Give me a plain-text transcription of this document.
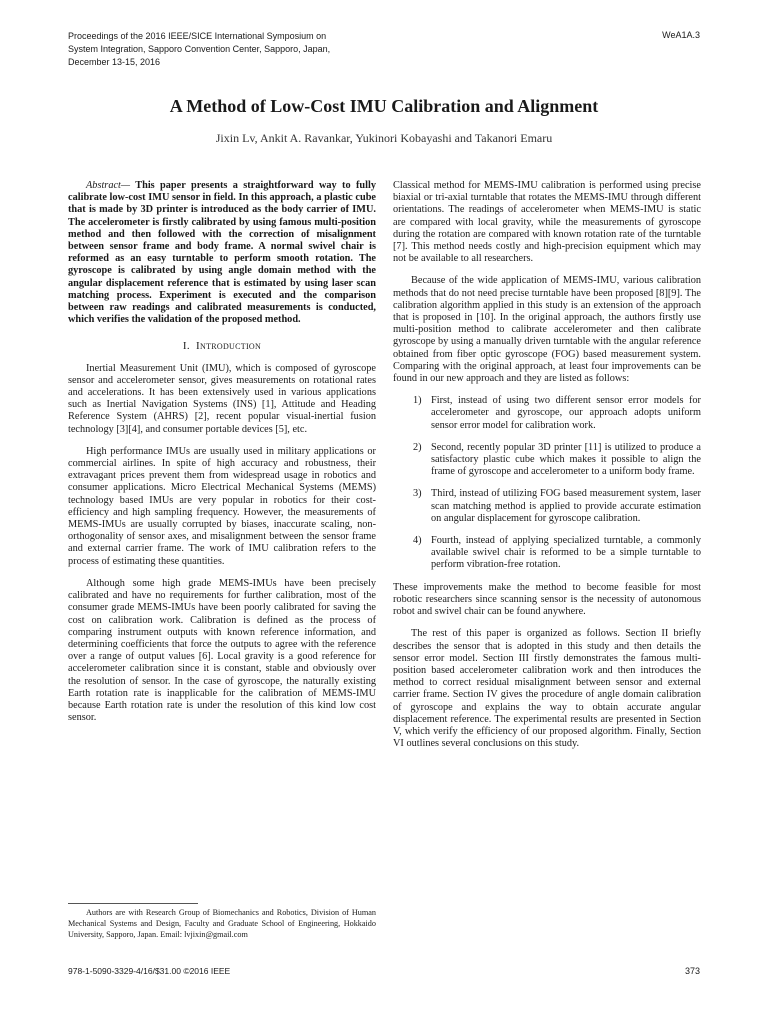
Proceedings of the 2016 IEEE/SICE International Symposium on
System Integration, Sapporo Convention Center, Sapporo, Japan,
December 13-15, 2016
WeA1A.3
A Method of Low-Cost IMU Calibration and Alignment
Jixin Lv, Ankit A. Ravankar, Yukinori Kobayashi and Takanori Emaru

Abstract— This paper presents a straightforward way to fully calibrate low-cost IMU sensor in field. In this approach, a plastic cube that is made by 3D printer is introduced as the body carrier of IMU. The accelerometer is firstly calibrated by using famous multi-position method and then followed with the correction of misalignment between sensor frame and body frame. A normal swivel chair is reformed as an easy turntable to perform smooth rotation. The gyroscope is calibrated by using angle domain method with the angular displacement reference that is estimated by using laser scan matching process. Experiment is executed and the comparison between raw readings and calibrated measurements is conducted, which verifies the validation of the proposed method.

I. Introduction

Inertial Measurement Unit (IMU), which is composed of gyroscope sensor and accelerometer sensor, gives measurements on rotational rates and accelerations. It has been extensively used in various applications such as Inertial Navigation Systems (INS) [1], Attitude and Heading Reference System (AHRS) [2], recent popular visual-inertial fusion technology [3][4], and consumer portable devices [5], etc.

High performance IMUs are usually used in military applications or commercial airlines. In spite of high accuracy and robustness, their extravagant prices prevent them from widespread usage in robotics and consumer applications. Micro Electrical Mechanical Systems (MEMS) technology based IMUs are very popular in robotics for their cost-efficiency and high sampling frequency. However, the measurements of MEMS-IMUs are usually corrupted by biases, inaccurate scaling, non-orthogonality of sensor axes, and misalignment between the sensor frame and external carrier frame. The work of IMU calibration refers to the process of estimating these quantities.

Although some high grade MEMS-IMUs have been precisely calibrated and have no requirements for further calibration, most of the consumer grade MEMS-IMUs have been poorly calibrated for saving the cost on calibration work. Calibration is defined as the process of comparing instrument outputs with known reference information, and determining coefficients that force the outputs to agree with the reference over a range of output values [6]. Local gravity is a good reference for accelerometer calibration since it is constant, stable and obviously over the resolution of sensor. In the case of gyroscope, the naturally existing Earth rotation rate is inapplicable for the calibration of MEMS-IMU because Earth rotation rate is under the resolution of this kind low cost sensor.

Classical method for MEMS-IMU calibration is performed using precise biaxial or tri-axial turntable that rotates the MEMS-IMU through different orientations. The readings of accelerometer when MEMS-IMU is static are compared with local gravity, while the measurements of gyroscope during the rotation are compared with known rotation rate of the turntable [7]. This method needs costly and high-precision equipment which may not be available to all researchers.

Because of the wide application of MEMS-IMU, various calibration methods that do not need precise turntable have been proposed [8][9]. The calibration algorithm applied in this study is an extension of the approach that is proposed in [10]. In the original approach, the authors firstly use multi-position method to calibrate accelerometer and then calibrate gyroscope by using a manually driven turntable with the angular reference obtained from fiber optic gyroscope (FOG) based measurement system. Comparing with the original approach, at least four improvements can be found in our new approach and they are listed as follows:

1) First, instead of using two different sensor error models for accelerometer and gyroscope, our approach adopts uniform sensor error model for calibration work.
2) Second, recently popular 3D printer [11] is utilized to produce a satisfactory plastic cube which makes it possible to align the frame of gyroscope and accelerometer to a uniform body frame.
3) Third, instead of utilizing FOG based measurement system, laser scan matching method is applied to provide accurate estimation on angular displacement for gyroscope calibration.
4) Fourth, instead of applying specialized turntable, a commonly available swivel chair is reformed to be a simple turntable to perform vibration-free rotation.

These improvements make the method to become feasible for most robotic researchers since scanning sensor is the necessity of autonomous robot and swivel chair can be found anywhere.

The rest of this paper is organized as follows. Section II briefly describes the sensor that is adopted in this study and then details the sensor error model. Section III firstly demonstrates the famous multi-position based accelerometer calibration work and then introduces the method to correct residual misalignment between sensor and external carrier frame. Section IV gives the procedure of angle domain calibration of gyroscope and explains the way to obtain accurate angular displacement reference. The experimental results are presented in Section V, which verify the efficiency of our proposed algorithm. Finally, Section VI outlines several conclusions on this study.

Authors are with Research Group of Biomechanics and Robotics, Division of Human Mechanical Systems and Design, Faculty and Graduate School of Engineering, Hokkaido University, Sapporo, Japan. Email: lvjixin@gmail.com
978-1-5090-3329-4/16/$31.00 ©2016 IEEE	373
